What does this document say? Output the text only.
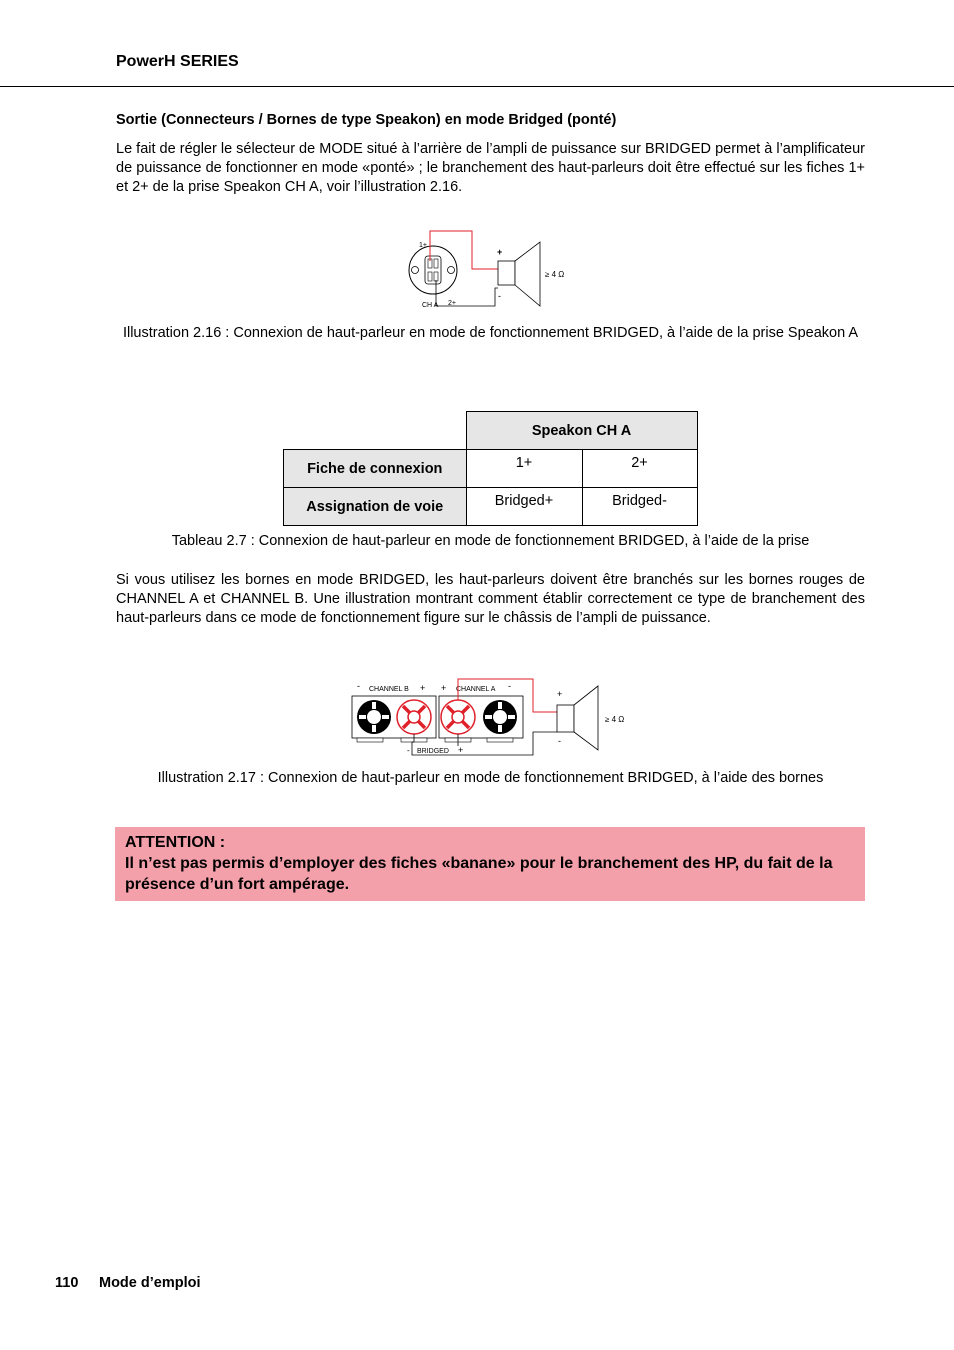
PowerH SERIES
Sortie (Connecteurs / Bornes de type Speakon) en mode Bridged (ponté)

Le fait de régler le sélecteur de MODE situé à l’arrière de l’ampli de puissance sur BRIDGED permet à l’amplificateur de puissance de fonctionner en mode «ponté» ; le branchement des haut-parleurs doit être effectué sur les fiches 1+ et 2+ de la prise Speakon CH A, voir l’illustration 2.16.

1+
2+
CH A
+
-
≥ 4 Ω

Illustration 2.16 : Connexion de haut-parleur en mode de fonctionnement BRIDGED, à l’aide de la prise Speakon A

	Speakon CH A	
Fiche de connexion	1+	2+
Assignation de voie	Bridged+	Bridged-

Tableau 2.7 : Connexion de haut-parleur en mode de fonctionnement BRIDGED, à l’aide de la prise

Si vous utilisez les bornes en mode BRIDGED, les haut-parleurs doivent être branchés sur les bornes rouges de CHANNEL A et CHANNEL B. Une illustration montrant comment établir correctement ce type de branchement des haut-parleurs dans ce mode de fonctionnement figure sur le châssis de l’ampli de puissance.

- CHANNEL B + + CHANNEL A -
- BRIDGED +
+
-
≥ 4 Ω

Illustration 2.17 : Connexion de haut-parleur en mode de fonctionnement BRIDGED, à l’aide des bornes

ATTENTION :
Il n’est pas permis d’employer des fiches «banane» pour le branchement des HP, du fait de la présence d’un fort ampérage.
110 Mode d’emploi
